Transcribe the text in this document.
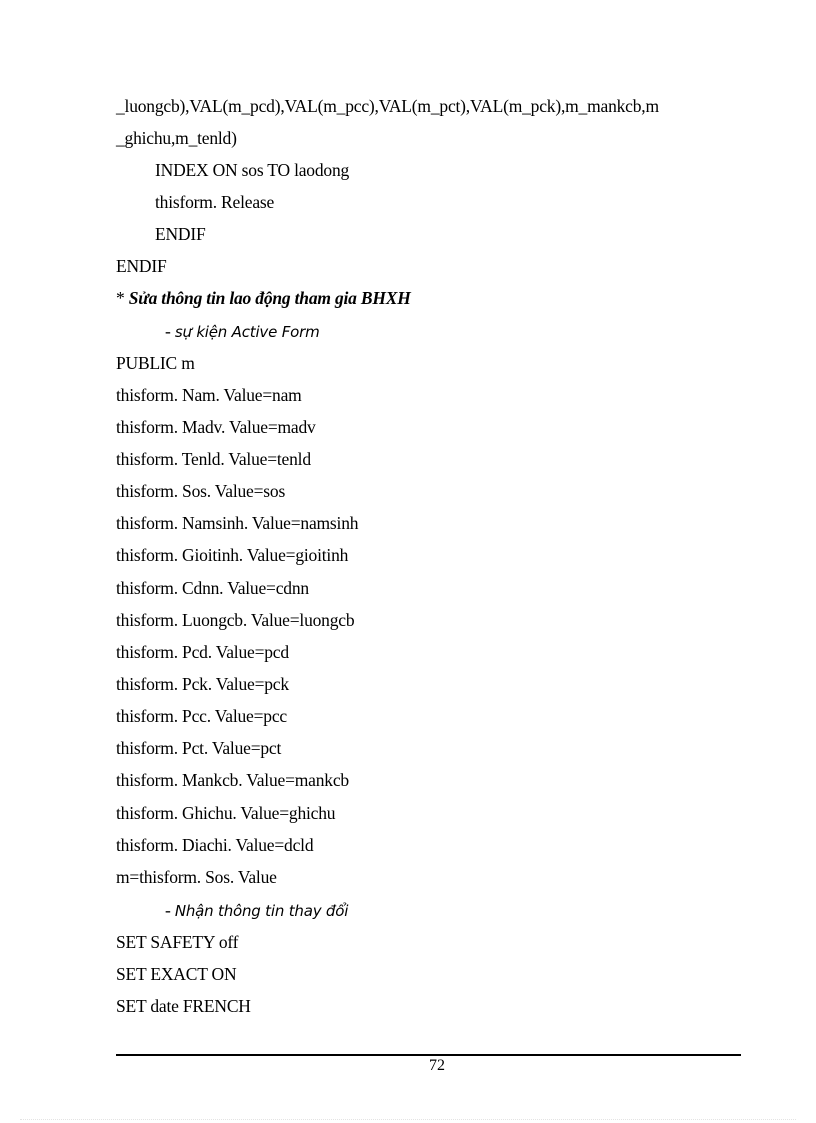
_luongcb),VAL(m_pcd),VAL(m_pcc),VAL(m_pct),VAL(m_pck),m_mankcb,m
_ghichu,m_tenld)
INDEX ON sos TO laodong
thisform. Release
ENDIF
ENDIF
* Sửa thông tin lao động tham gia BHXH
- sự kiện Active Form
PUBLIC m
thisform. Nam. Value=nam
thisform. Madv. Value=madv
thisform. Tenld. Value=tenld
thisform. Sos. Value=sos
thisform. Namsinh. Value=namsinh
thisform. Gioitinh. Value=gioitinh
thisform. Cdnn. Value=cdnn
thisform. Luongcb. Value=luongcb
thisform. Pcd. Value=pcd
thisform. Pck. Value=pck
thisform. Pcc. Value=pcc
thisform. Pct. Value=pct
thisform. Mankcb. Value=mankcb
thisform. Ghichu. Value=ghichu
thisform. Diachi. Value=dcld
m=thisform. Sos. Value
- Nhận thông tin thay đổi
SET SAFETY off
SET EXACT ON
SET date FRENCH
72
